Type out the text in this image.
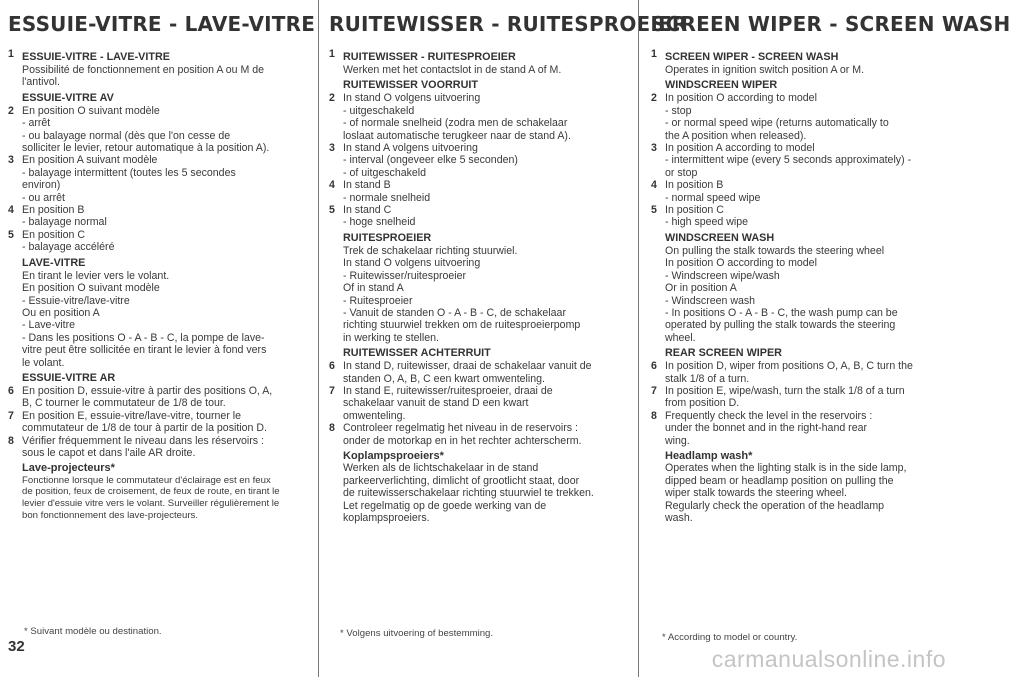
ESSUIE-VITRE - LAVE-VITRE
1 ESSUIE-VITRE - LAVE-VITRE
Possibilité de fonctionnement en position A ou M de
l'antivol.
ESSUIE-VITRE AV
2 En position O suivant modèle
- arrêt
- ou balayage normal (dès que l'on cesse de
solliciter le levier, retour automatique à la position A).
3 En position A suivant modèle
- balayage intermittent (toutes les 5 secondes
environ)
- ou arrêt
4 En position B
- balayage normal
5 En position C
- balayage accéléré
LAVE-VITRE
En tirant le levier vers le volant.
En position O suivant modèle
- Essuie-vitre/lave-vitre
Ou en position A
- Lave-vitre
- Dans les positions O - A - B - C, la pompe de lave-
vitre peut être sollicitée en tirant le levier à fond vers
le volant.
ESSUIE-VITRE AR
6 En position D, essuie-vitre à partir des positions O, A,
B, C tourner le commutateur de 1/8 de tour.
7 En position E, essuie-vitre/lave-vitre, tourner le
commutateur de 1/8 de tour à partir de la position D.
8 Vérifier fréquemment le niveau dans les réservoirs :
sous le capot et dans l'aile AR droite.
Lave-projecteurs*
Fonctionne lorsque le commutateur d'éclairage est en feux
de position, feux de croisement, de feux de route, en tirant le
levier d'essuie vitre vers le volant. Surveiller régulièrement le
bon fonctionnement des lave-projecteurs.
RUITEWISSER - RUITESPROEIER
1 RUITEWISSER - RUITESPROEIER
Werken met het contactslot in de stand A of M.
RUITEWISSER VOORRUIT
2 In stand O volgens uitvoering
- uitgeschakeld
- of normale snelheid (zodra men de schakelaar
loslaat automatische terugkeer naar de stand A).
3 In stand A volgens uitvoering
- interval (ongeveer elke 5 seconden)
- of uitgeschakeld
4 In stand B
- normale snelheid
5 In stand C
- hoge snelheid
RUITESPROEIER
Trek de schakelaar richting stuurwiel.
In stand O volgens uitvoering
- Ruitewisser/ruitesproeier
Of in stand A
- Ruitesproeier
- Vanuit de standen O - A - B - C, de schakelaar
richting stuurwiel trekken om de ruitesproeierpomp
in werking te stellen.
RUITEWISSER ACHTERRUIT
6 In stand D, ruitewisser, draai de schakelaar vanuit de
standen O, A, B, C een kwart omwenteling.
7 In stand E, ruitewisser/ruitesproeier, draai de
schakelaar vanuit de stand D een kwart
omwenteling.
8 Controleer regelmatig het niveau in de reservoirs :
onder de motorkap en in het rechter achterscherm.
Koplampsproeiers*
Werken als de lichtschakelaar in de stand
parkeerverlichting, dimlicht of grootlicht staat, door
de ruitewisserschakelaar richting stuurwiel te trekken.
Let regelmatig op de goede werking van de
koplampsproeiers.
SCREEN WIPER - SCREEN WASH
1 SCREEN WIPER - SCREEN WASH
Operates in ignition switch position A or M.
WINDSCREEN WIPER
2 In position O according to model
- stop
- or normal speed wipe (returns automatically to
the A position when released).
3 In position A according to model
- intermittent wipe (every 5 seconds approximately) -
or stop
4 In position B
- normal speed wipe
5 In position C
- high speed wipe
WINDSCREEN WASH
On pulling the stalk towards the steering wheel
In position O according to model
- Windscreen wipe/wash
Or in position A
- Windscreen wash
- In positions O - A - B - C, the wash pump can be
operated by pulling the stalk towards the steering
wheel.
REAR SCREEN WIPER
6 In position D, wiper from positions O, A, B, C turn the
stalk 1/8 of a turn.
7 In position E, wipe/wash, turn the stalk 1/8 of a turn
from position D.
8 Frequently check the level in the reservoirs :
under the bonnet and in the right-hand rear
wing.
Headlamp wash*
Operates when the lighting stalk is in the side lamp,
dipped beam or headlamp position on pulling the
wiper stalk towards the steering wheel.
Regularly check the operation of the headlamp
wash.
* Suivant modèle ou destination.	* Volgens uitvoering of bestemming.	* According to model or country.
32	carmanualsonline.info
